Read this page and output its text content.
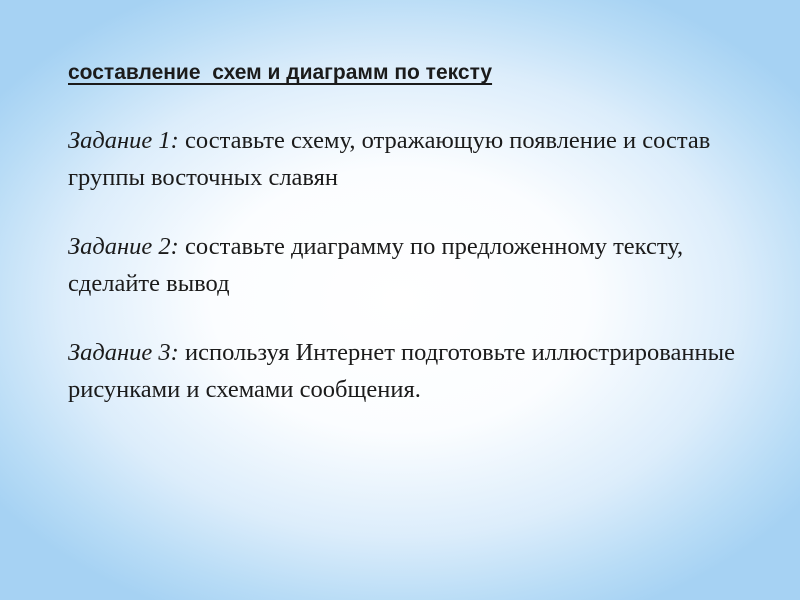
составление  схем и диаграмм по тексту

Задание 1: составьте схему, отражающую появление и состав группы восточных славян
Задание 2: составьте диаграмму по предложенному тексту, сделайте вывод
Задание 3: используя Интернет подготовьте иллюстрированные рисунками и схемами сообщения.
